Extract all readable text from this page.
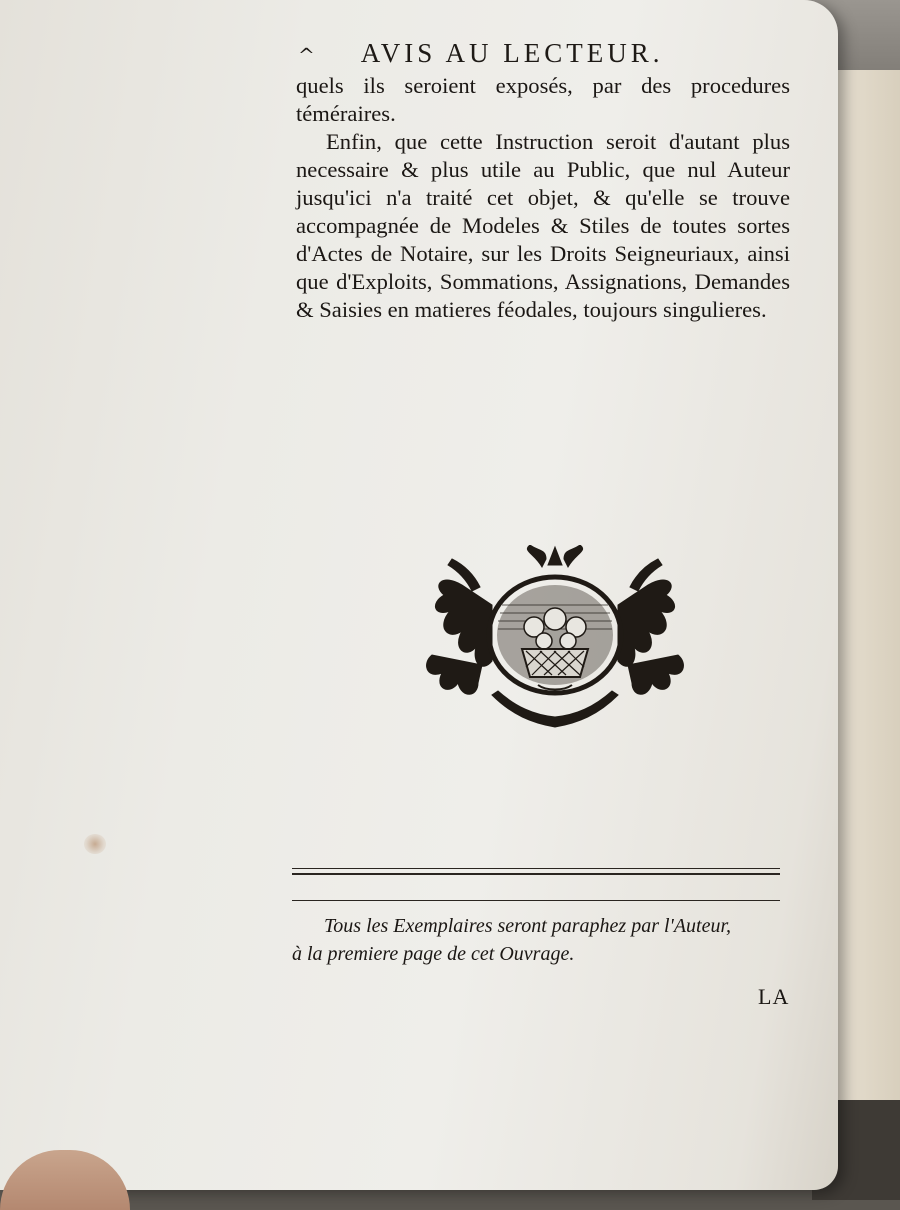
^ AVIS AU LECTEUR.

quels ils seroient exposés, par des procedures téméraires.

Enfin, que cette Instruction seroit d'autant plus necessaire & plus utile au Public, que nul Auteur jusqu'ici n'a traité cet objet, & qu'elle se trouve accompagnée de Modeles & Stiles de toutes sortes d'Actes de Notaire, sur les Droits Seigneuriaux, ainsi que d'Exploits, Sommations, Assignations, Demandes & Saisies en matieres féodales, toujours singulieres.

Tous les Exemplaires seront paraphez par l'Auteur,
à la premiere page de cet Ouvrage.
LA
